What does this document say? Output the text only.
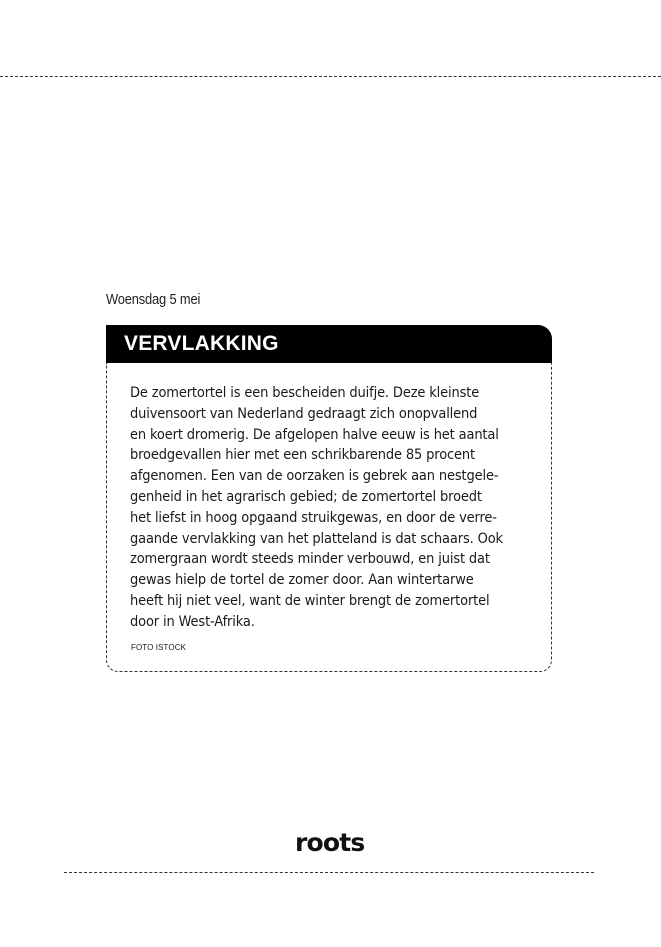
Woensdag 5 mei
VERVLAKKING
De zomertortel is een bescheiden duifje. Deze kleinste
duivensoort van Nederland gedraagt zich onopvallend
en koert dromerig. De afgelopen halve eeuw is het aantal
broedgevallen hier met een schrikbarende 85 procent
afgenomen. Een van de oorzaken is gebrek aan nestgele-
genheid in het agrarisch gebied; de zomertortel broedt
het liefst in hoog opgaand struikgewas, en door de verre-
gaande vervlakking van het platteland is dat schaars. Ook
zomergraan wordt steeds minder verbouwd, en juist dat
gewas hielp de tortel de zomer door. Aan wintertarwe
heeft hij niet veel, want de winter brengt de zomertortel
door in West-Afrika.
FOTO ISTOCK
roots
